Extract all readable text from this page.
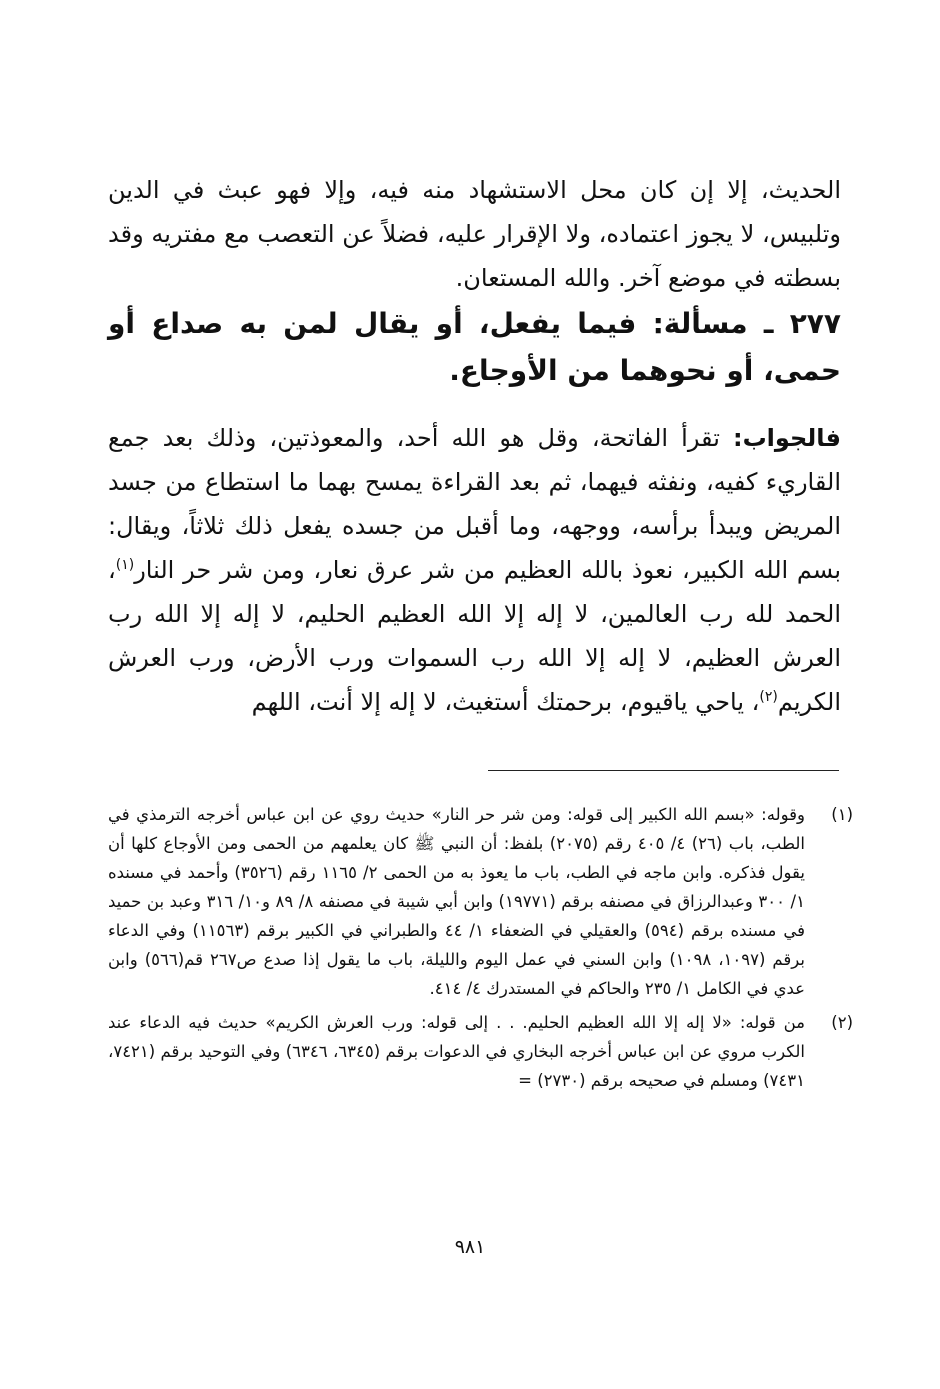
الحديث، إلا إن كان محل الاستشهاد منه فيه، وإلا فهو عبث في الدين وتلبيس، لا يجوز اعتماده، ولا الإقرار عليه، فضلاً عن التعصب مع مفتريه وقد بسطته في موضع آخر. والله المستعان.

٢٧٧ ـ مسألة: فيما يفعل، أو يقال لمن به صداع أو حمى، أو نحوهما من الأوجاع.

فالجواب: تقرأ الفاتحة، وقل هو الله أحد، والمعوذتين، وذلك بعد جمع القاريء كفيه، ونفثه فيهما، ثم بعد القراءة يمسح بهما ما استطاع من جسد المريض ويبدأ برأسه، ووجهه، وما أقبل من جسده يفعل ذلك ثلاثاً، ويقال: بسم الله الكبير، نعوذ بالله العظيم من شر عرق نعار، ومن شر حر النار$^{(١)}$، الحمد لله رب العالمين، لا إله إلا الله العظيم الحليم، لا إله إلا الله رب العرش العظيم، لا إله إلا الله رب السموات ورب الأرض، ورب العرش الكريم$^{(٢)}$، ياحي ياقيوم، برحمتك أستغيث، لا إله إلا أنت، اللهم

(١)
وقوله: «بسم الله الكبير إلى قوله: ومن شر حر النار» حديث روي عن ابن عباس أخرجه الترمذي في الطب، باب (٢٦) ٤/ ٤٠٥ رقم (٢٠٧٥) بلفظ: أن النبي ﷺ كان يعلمهم من الحمى ومن الأوجاع كلها أن يقول فذكره. وابن ماجه في الطب، باب ما يعوذ به من الحمى ٢/ ١١٦٥ رقم (٣٥٢٦) وأحمد في مسنده ١/ ٣٠٠ وعبدالرزاق في مصنفه برقم (١٩٧٧١) وابن أبي شيبة في مصنفه ٨/ ٨٩ و١٠/ ٣١٦ وعبد بن حميد في مسنده برقم (٥٩٤) والعقيلي في الضعفاء ١/ ٤٤ والطبراني في الكبير برقم (١١٥٦٣) وفي الدعاء برقم (١٠٩٧، ١٠٩٨) وابن السني في عمل اليوم والليلة، باب ما يقول إذا صدع ص٢٦٧ قم(٥٦٦) وابن عدي في الكامل ١/ ٢٣٥ والحاكم في المستدرك ٤/ ٤١٤.
(٢)
من قوله: «لا إله إلا الله العظيم الحليم. . . إلى قوله: ورب العرش الكريم» حديث فيه الدعاء عند الكرب مروي عن ابن عباس أخرجه البخاري في الدعوات برقم (٦٣٤٥، ٦٣٤٦) وفي التوحيد برقم (٧٤٢١، ٧٤٣١) ومسلم في صحيحه برقم (٢٧٣٠) =
٩٨١
